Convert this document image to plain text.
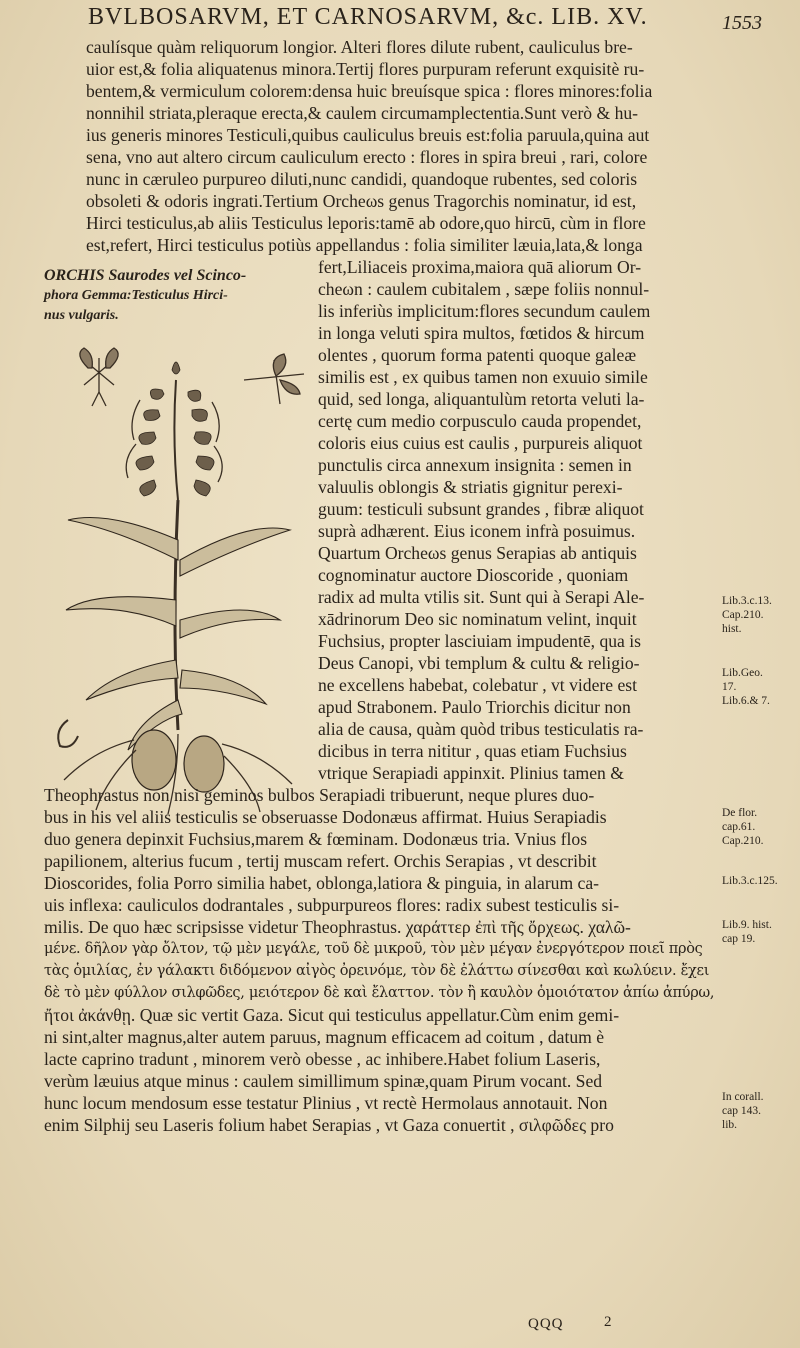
BVLBOSARVM, ET CARNOSARVM, &c. LIB. XV.	1553
caulísque quàm reliquorum longior. Alteri flores dilute rubent, cauliculus bre-
uior est,& folia aliquatenus minora.Tertij flores purpuram referunt exquisitè ru-
bentem,& vermiculum colorem:densa huic breuísque spica : flores minores:folia
nonnihil striata,pleraque erecta,& caulem circumamplectentia.Sunt verò & hu-
ius generis minores Testiculi,quibus cauliculus breuis est:folia paruula,quina aut
sena, vno aut altero circum cauliculum erecto : flores in spira breui , rari, colore
nunc in cæruleo purpureo diluti,nunc candidi, quandoque rubentes, sed coloris
obsoleti & odoris ingrati.Tertium Orcheωs genus Tragorchis nominatur, id est,
Hirci testiculus,ab aliis Testiculus leporis:tamē ab odore,quo hircū, cùm in flore
est,refert, Hirci testiculus potiùs appellandus : folia similiter læuia,lata,& longa
ORCHIS Saurodes vel Scinco-
phora Gemma:Testiculus Hirci-
nus vulgaris.
fert,Liliaceis proxima,maiora quā aliorum Or-
cheωn : caulem cubitalem , sæpe foliis nonnul-
lis inferiùs implicitum:flores secundum caulem
in longa veluti spira multos, fœtidos & hircum
olentes , quorum forma patenti quoque galeæ
similis est , ex quibus tamen non exuuio simile
quid, sed longa, aliquantulùm retorta veluti la-
certę cum medio corpusculo cauda propendet,
coloris eius cuius est caulis , purpureis aliquot
punctulis circa annexum insignita : semen in
valuulis oblongis & striatis gignitur perexi-
guum: testiculi subsunt grandes , fibræ aliquot
suprà adhærent. Eius iconem infrà posuimus.
Quartum Orcheωs genus Serapias ab antiquis
cognominatur auctore Dioscoride , quoniam
radix ad multa vtilis sit. Sunt qui à Serapi Ale-
xādrinorum Deo sic nominatum velint, inquit
Fuchsius, propter lasciuiam impudentē, qua is
Deus Canopi, vbi templum & cultu & religio-
ne excellens habebat, colebatur , vt videre est
apud Strabonem. Paulo Triorchis dicitur non
alia de causa, quàm quòd tribus testiculatis ra-
dicibus in terra nititur , quas etiam Fuchsius
vtrique Serapiadi appinxit. Plinius tamen &
Theophrastus non nisi geminos bulbos Serapiadi tribuerunt, neque plures duo-
bus in his vel aliis testiculis se obseruasse Dodonæus affirmat. Huius Serapiadis
duo genera depinxit Fuchsius,marem & fœminam. Dodonæus tria. Vnius flos
papilionem, alterius fucum , tertij muscam refert. Orchis Serapias , vt describit
Dioscorides, folia Porro similia habet, oblonga,latiora & pinguia, in alarum ca-
uis inflexa: cauliculos dodrantales , subpurpureos flores: radix subest testiculis si-
milis. De quo hæc scripsisse videtur Theophrastus. χαράττερ ἐπὶ τῆς ὄρχεως. χαλῶ-
μένε. δῆλον γὰρ ὄλτον, τῷ μὲν μεγάλε, τοῦ δὲ μικροῦ, τὸν μὲν μέγαν ἐνεργότερον ποιεῖ πρὸς
τὰς ὁμιλίας, ἐν γάλακτι διδόμενον αἰγὸς ὀρεινόμε, τὸν δὲ ἐλάττω σίνεσθαι καὶ κωλύειν. ἔχει
δὲ τὸ μὲν φύλλον σιλφῶδες, μειότερον δὲ καὶ ἔλαττον. τὸν ἢ καυλὸν ὁμοιότατον ἀπίω ἀπύρω,
ἤτοι ἀκάνθῃ. Quæ sic vertit Gaza. Sicut qui testiculus appellatur.Cùm enim gemi-
ni sint,alter magnus,alter autem paruus, magnum efficacem ad coitum , datum è
lacte caprino tradunt , minorem verò obesse , ac inhibere.Habet folium Laseris,
verùm læuius atque minus : caulem simillimum spinæ,quam Pirum vocant. Sed
hunc locum mendosum esse testatur Plinius , vt rectè Hermolaus annotauit. Non
enim Silphij seu Laseris folium habet Serapias , vt Gaza conuertit , σιλφῶδες pro
Lib.3.c.13.
Cap.210.
hist.
Lib.Geo.
17.
Lib.6.& 7.
De flor.
cap.61.
Cap.210.
Lib.3.c.125.
Lib.9. hist.
cap 19.
In corall.
cap 143.
lib.
QQQ	2
